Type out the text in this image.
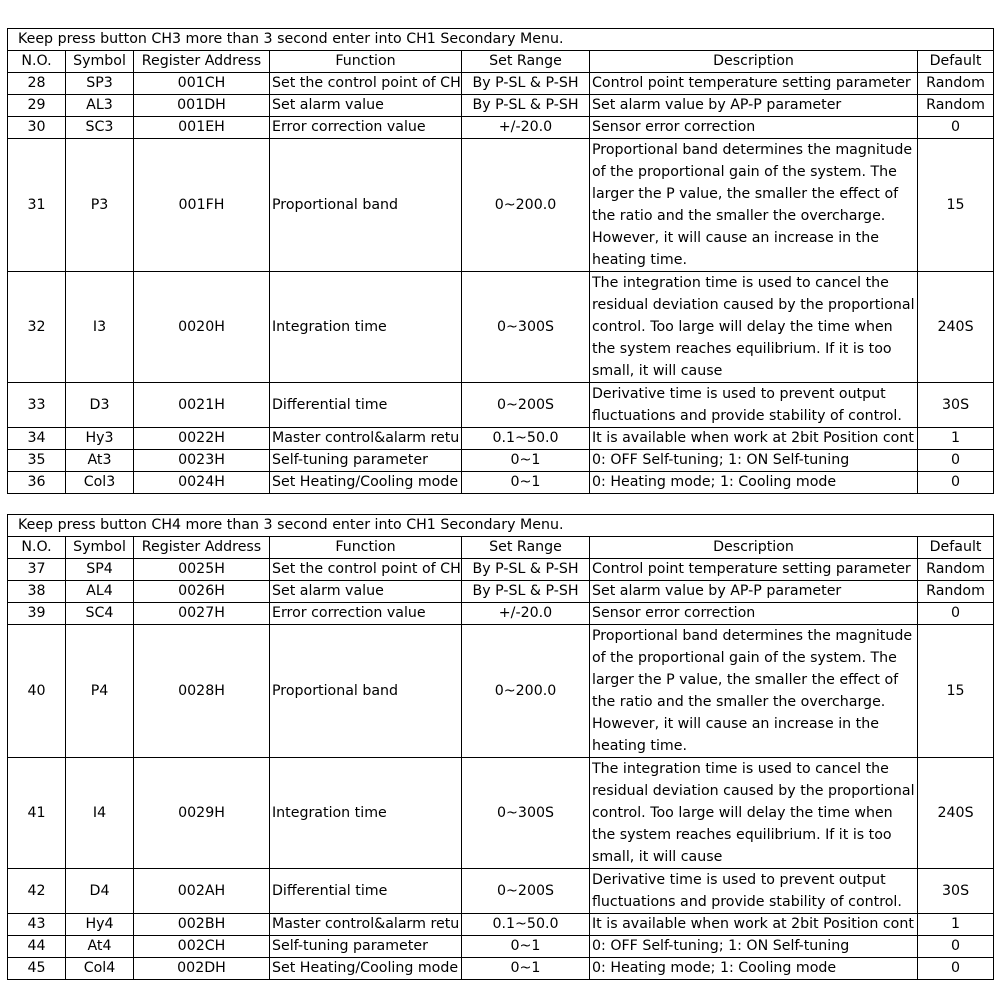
Keep press button CH3 more than 3 second enter into CH1 Secondary Menu.						
N.O.	Symbol	Register Address	Function	Set Range	Description	Default
28	SP3	001CH	Set the control point of CH	By P-SL & P-SH	Control point temperature setting parameter	Random
29	AL3	001DH	Set alarm value	By P-SL & P-SH	Set alarm value by AP-P parameter	Random
30	SC3	001EH	Error correction value	+/-20.0	Sensor error correction	0
31	P3	001FH	Proportional band	0~200.0	Proportional band determines the magnitude of the proportional gain of the system. The larger the P value, the smaller the effect of the ratio and the smaller the overcharge. However, it will cause an increase in the heating time.	15
32	I3	0020H	Integration time	0~300S	The integration time is used to cancel the residual deviation caused by the proportional control. Too large will delay the time when the system reaches equilibrium. If it is too small, it will cause	240S
33	D3	0021H	Differential time	0~200S	Derivative time is used to prevent output fluctuations and provide stability of control.	30S
34	Hy3	0022H	Master control&alarm retu	0.1~50.0	It is available when work at 2bit Position cont	1
35	At3	0023H	Self-tuning parameter	0~1	0: OFF Self-tuning; 1: ON Self-tuning	0
36	Col3	0024H	Set Heating/Cooling mode	0~1	0: Heating mode; 1: Cooling mode	0

Keep press button CH4 more than 3 second enter into CH1 Secondary Menu.						
N.O.	Symbol	Register Address	Function	Set Range	Description	Default
37	SP4	0025H	Set the control point of CH	By P-SL & P-SH	Control point temperature setting parameter	Random
38	AL4	0026H	Set alarm value	By P-SL & P-SH	Set alarm value by AP-P parameter	Random
39	SC4	0027H	Error correction value	+/-20.0	Sensor error correction	0
40	P4	0028H	Proportional band	0~200.0	Proportional band determines the magnitude of the proportional gain of the system. The larger the P value, the smaller the effect of the ratio and the smaller the overcharge. However, it will cause an increase in the heating time.	15
41	I4	0029H	Integration time	0~300S	The integration time is used to cancel the residual deviation caused by the proportional control. Too large will delay the time when the system reaches equilibrium. If it is too small, it will cause	240S
42	D4	002AH	Differential time	0~200S	Derivative time is used to prevent output fluctuations and provide stability of control.	30S
43	Hy4	002BH	Master control&alarm retu	0.1~50.0	It is available when work at 2bit Position cont	1
44	At4	002CH	Self-tuning parameter	0~1	0: OFF Self-tuning; 1: ON Self-tuning	0
45	Col4	002DH	Set Heating/Cooling mode	0~1	0: Heating mode; 1: Cooling mode	0
